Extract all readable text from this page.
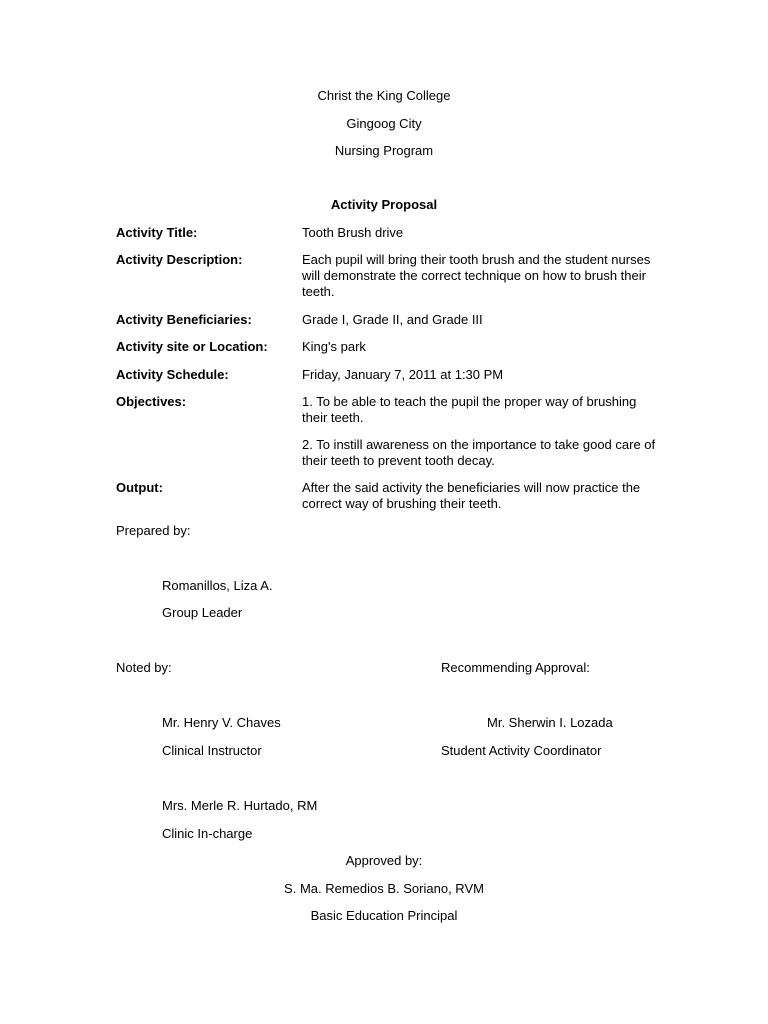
Christ the King College
Gingoog City
Nursing Program
Activity Proposal
Activity Title:	Tooth Brush drive
Activity Description:	Each pupil will bring their tooth brush and the student nurses will demonstrate the correct technique on how to brush their teeth.
Activity Beneficiaries:	Grade I, Grade II, and Grade III
Activity site or Location:	King's park
Activity Schedule:	Friday, January 7, 2011 at 1:30 PM
Objectives:	1. To be able to teach the pupil the proper way of brushing their teeth.
2. To instill awareness on the importance to take good care of their teeth to prevent tooth decay.
Output:	After the said activity the beneficiaries will now practice the correct way of brushing their teeth.
Prepared by:
Romanillos, Liza A.
Group Leader
Noted by:	Recommending Approval:
Mr. Henry V. Chaves	Mr. Sherwin I. Lozada
Clinical Instructor	Student Activity Coordinator
Mrs. Merle R. Hurtado, RM
Clinic In-charge
Approved by:
S. Ma. Remedios B. Soriano, RVM
Basic Education Principal
